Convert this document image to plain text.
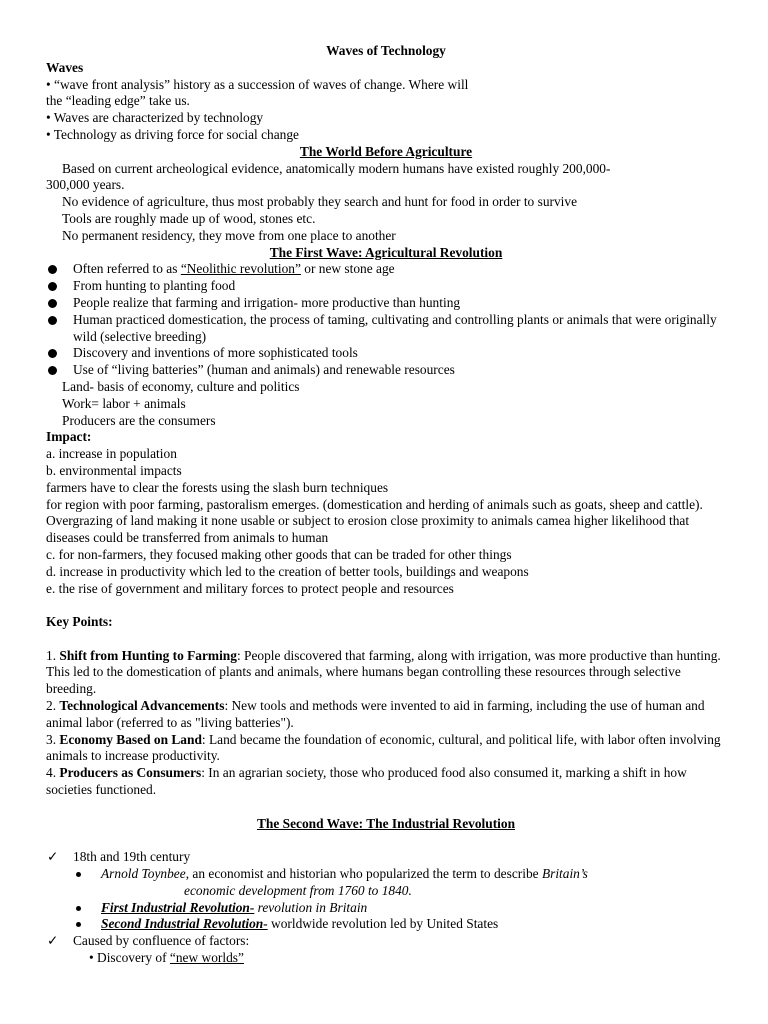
Waves of Technology
Waves
• “wave front analysis” history as a succession of waves of change. Where will
the “leading edge” take us.
• Waves are characterized by technology
• Technology as driving force for social change
The World Before Agriculture
Based on current archeological evidence, anatomically modern humans have existed roughly 200,000-
300,000 years.
No evidence of agriculture, thus most probably they search and hunt for food in order to survive
Tools are roughly made up of wood, stones etc.
No permanent residency, they move from one place to another
The First Wave: Agricultural Revolution
Often referred to as “Neolithic revolution” or new stone age
From hunting to planting food
People realize that farming and irrigation- more productive than hunting
Human practiced domestication, the process of taming, cultivating and controlling plants or animals that were originally wild (selective breeding)
Discovery and inventions of more sophisticated tools
Use of “living batteries” (human and animals) and renewable resources
Land- basis of economy, culture and politics
Work= labor + animals
Producers are the consumers
Impact:
a. increase in population
b. environmental impacts
farmers have to clear the forests using the slash burn techniques
for region with poor farming, pastoralism emerges. (domestication and herding of animals such as goats, sheep and cattle). Overgrazing of land making it none usable or subject to erosion close proximity to animals camea higher likelihood that diseases could be transferred from animals to human
c. for non-farmers, they focused making other goods that can be traded for other things
d. increase in productivity which led to the creation of better tools, buildings and weapons
e. the rise of government and military forces to protect people and resources
Key Points:
1. Shift from Hunting to Farming: People discovered that farming, along with irrigation, was more productive than hunting. This led to the domestication of plants and animals, where humans began controlling these resources through selective breeding.
2. Technological Advancements: New tools and methods were invented to aid in farming, including the use of human and animal labor (referred to as "living batteries").
3. Economy Based on Land: Land became the foundation of economic, cultural, and political life, with labor often involving animals to increase productivity.
4. Producers as Consumers: In an agrarian society, those who produced food also consumed it, marking a shift in how societies functioned.
The Second Wave: The Industrial Revolution
✓ 18th and 19th century
Arnold Toynbee, an economist and historian who popularized the term to describe Britain’s
economic development from 1760 to 1840.
First Industrial Revolution- revolution in Britain
Second Industrial Revolution- worldwide revolution led by United States
✓ Caused by confluence of factors:
• Discovery of “new worlds”
